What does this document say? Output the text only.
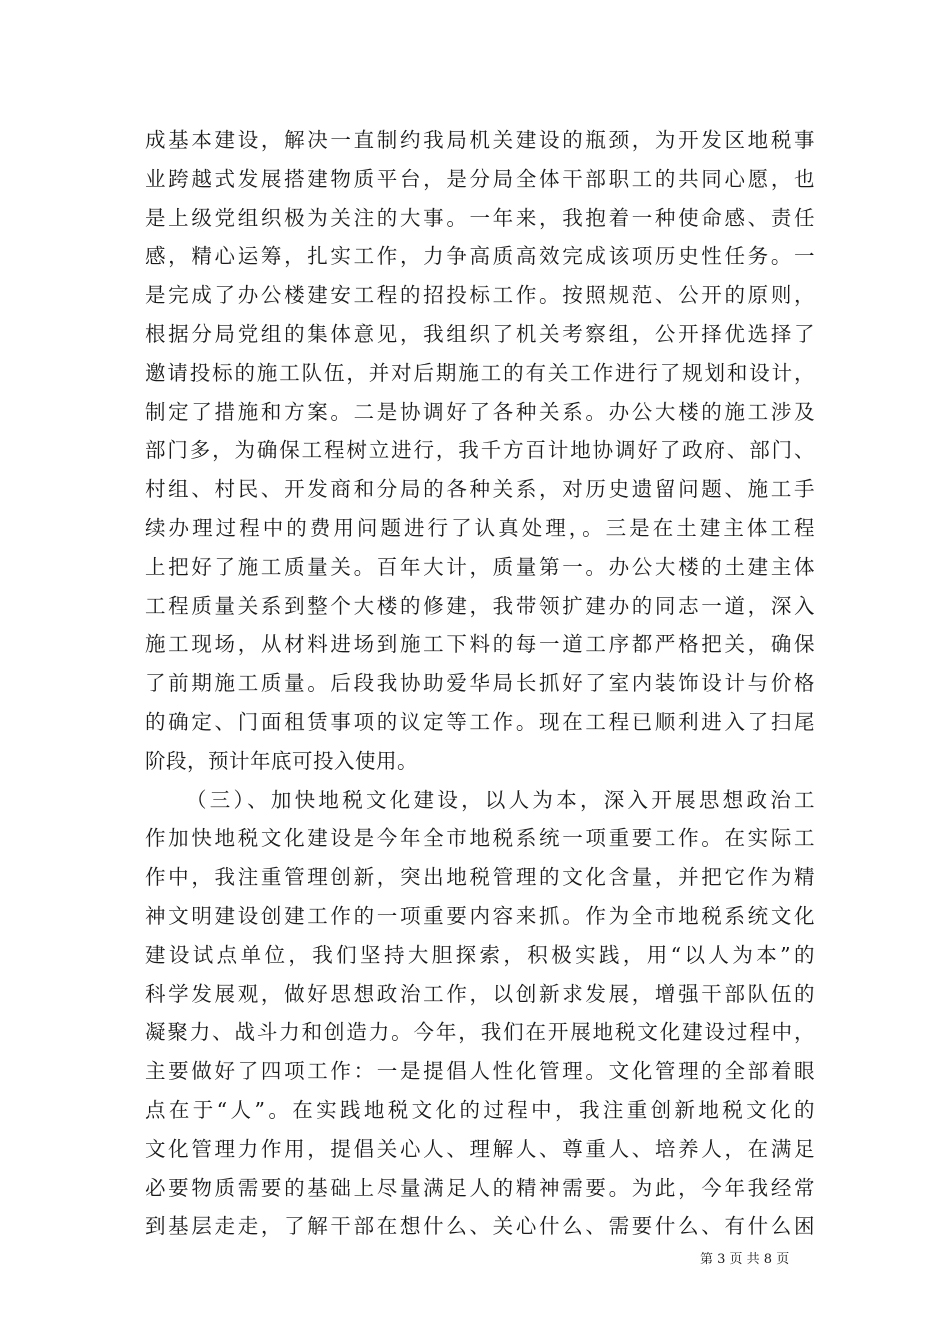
成基本建设，解决一直制约我局机关建设的瓶颈，为开发区地税事
业跨越式发展搭建物质平台，是分局全体干部职工的共同心愿，也
是上级党组织极为关注的大事。一年来，我抱着一种使命感、责任
感，精心运筹，扎实工作，力争高质高效完成该项历史性任务。一
是完成了办公楼建安工程的招投标工作。按照规范、公开的原则，
根据分局党组的集体意见，我组织了机关考察组，公开择优选择了
邀请投标的施工队伍，并对后期施工的有关工作进行了规划和设计，
制定了措施和方案。二是协调好了各种关系。办公大楼的施工涉及
部门多，为确保工程树立进行，我千方百计地协调好了政府、部门、
村组、村民、开发商和分局的各种关系，对历史遗留问题、施工手
续办理过程中的费用问题进行了认真处理，。三是在土建主体工程
上把好了施工质量关。百年大计，质量第一。办公大楼的土建主体
工程质量关系到整个大楼的修建，我带领扩建办的同志一道，深入
施工现场，从材料进场到施工下料的每一道工序都严格把关，确保
了前期施工质量。后段我协助爱华局长抓好了室内装饰设计与价格
的确定、门面租赁事项的议定等工作。现在工程已顺利进入了扫尾
阶段，预计年底可投入使用。
（三）、加快地税文化建设，以人为本，深入开展思想政治工
作加快地税文化建设是今年全市地税系统一项重要工作。在实际工
作中，我注重管理创新，突出地税管理的文化含量，并把它作为精
神文明建设创建工作的一项重要内容来抓。作为全市地税系统文化
建设试点单位，我们坚持大胆探索，积极实践，用“以人为本”的
科学发展观，做好思想政治工作，以创新求发展，增强干部队伍的
凝聚力、战斗力和创造力。今年，我们在开展地税文化建设过程中，
主要做好了四项工作：一是提倡人性化管理。文化管理的全部着眼
点在于“人”。在实践地税文化的过程中，我注重创新地税文化的
文化管理力作用，提倡关心人、理解人、尊重人、培养人，在满足
必要物质需要的基础上尽量满足人的精神需要。为此，今年我经常
到基层走走，了解干部在想什么、关心什么、需要什么、有什么困
第 3 页 共 8 页
